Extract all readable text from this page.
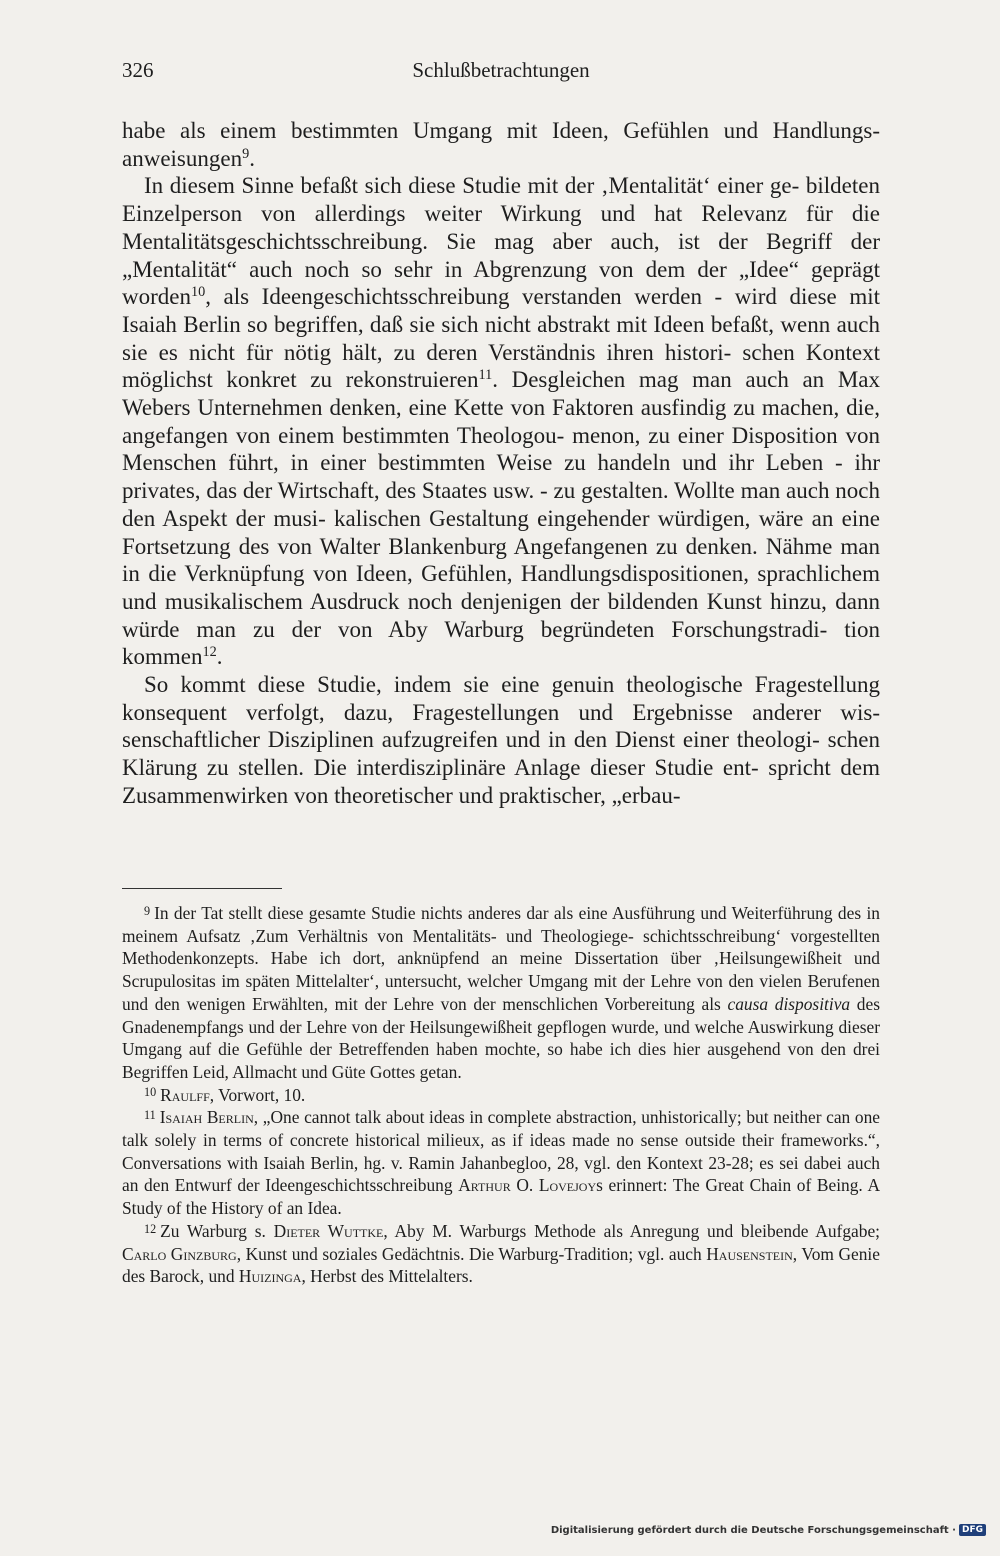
326	Schlußbetrachtungen

habe als einem bestimmten Umgang mit Ideen, Gefühlen und Handlungs- anweisungen$^9$.

In diesem Sinne befaßt sich diese Studie mit der ‚Mentalität‘ einer ge- bildeten Einzelperson von allerdings weiter Wirkung und hat Relevanz für die Mentalitätsgeschichtsschreibung. Sie mag aber auch, ist der Begriff der „Mentalität“ auch noch so sehr in Abgrenzung von dem der „Idee“ geprägt worden$^{10}$, als Ideengeschichtsschreibung verstanden werden - wird diese mit Isaiah Berlin so begriffen, daß sie sich nicht abstrakt mit Ideen befaßt, wenn auch sie es nicht für nötig hält, zu deren Verständnis ihren histori- schen Kontext möglichst konkret zu rekonstruieren$^{11}$. Desgleichen mag man auch an Max Webers Unternehmen denken, eine Kette von Faktoren ausfindig zu machen, die, angefangen von einem bestimmten Theologou- menon, zu einer Disposition von Menschen führt, in einer bestimmten Weise zu handeln und ihr Leben - ihr privates, das der Wirtschaft, des Staates usw. - zu gestalten. Wollte man auch noch den Aspekt der musi- kalischen Gestaltung eingehender würdigen, wäre an eine Fortsetzung des von Walter Blankenburg Angefangenen zu denken. Nähme man in die Verknüpfung von Ideen, Gefühlen, Handlungsdispositionen, sprachlichem und musikalischem Ausdruck noch denjenigen der bildenden Kunst hinzu, dann würde man zu der von Aby Warburg begründeten Forschungstradi- tion kommen$^{12}$.

So kommt diese Studie, indem sie eine genuin theologische Fragestellung konsequent verfolgt, dazu, Fragestellungen und Ergebnisse anderer wis- senschaftlicher Disziplinen aufzugreifen und in den Dienst einer theologi- schen Klärung zu stellen. Die interdisziplinäre Anlage dieser Studie ent- spricht dem Zusammenwirken von theoretischer und praktischer, „erbau-

$^9$ In der Tat stellt diese gesamte Studie nichts anderes dar als eine Ausführung und Weiterführung des in meinem Aufsatz ‚Zum Verhältnis von Mentalitäts- und Theologiege- schichtsschreibung‘ vorgestellten Methodenkonzepts. Habe ich dort, anknüpfend an meine Dissertation über ‚Heilsungewißheit und Scrupulositas im späten Mittelalter‘, untersucht, welcher Umgang mit der Lehre von den vielen Berufenen und den wenigen Erwählten, mit der Lehre von der menschlichen Vorbereitung als causa dispositiva des Gnadenempfangs und der Lehre von der Heilsungewißheit gepflogen wurde, und welche Auswirkung dieser Umgang auf die Gefühle der Betreffenden haben mochte, so habe ich dies hier ausgehend von den drei Begriffen Leid, Allmacht und Güte Gottes getan.

$^{10}$ Raulff, Vorwort, 10.

$^{11}$ Isaiah Berlin, „One cannot talk about ideas in complete abstraction, unhistorically; but neither can one talk solely in terms of concrete historical milieux, as if ideas made no sense outside their frameworks.“, Conversations with Isaiah Berlin, hg. v. Ramin Jahanbegloo, 28, vgl. den Kontext 23-28; es sei dabei auch an den Entwurf der Ideengeschichtsschreibung Arthur O. Lovejoys erinnert: The Great Chain of Being. A Study of the History of an Idea.

$^{12}$ Zu Warburg s. Dieter Wuttke, Aby M. Warburgs Methode als Anregung und bleibende Aufgabe; Carlo Ginzburg, Kunst und soziales Gedächtnis. Die Warburg-Tradition; vgl. auch Hausenstein, Vom Genie des Barock, und Huizinga, Herbst des Mittelalters.

Digitalisierung gefördert durch die Deutsche Forschungsgemeinschaft · DFG
